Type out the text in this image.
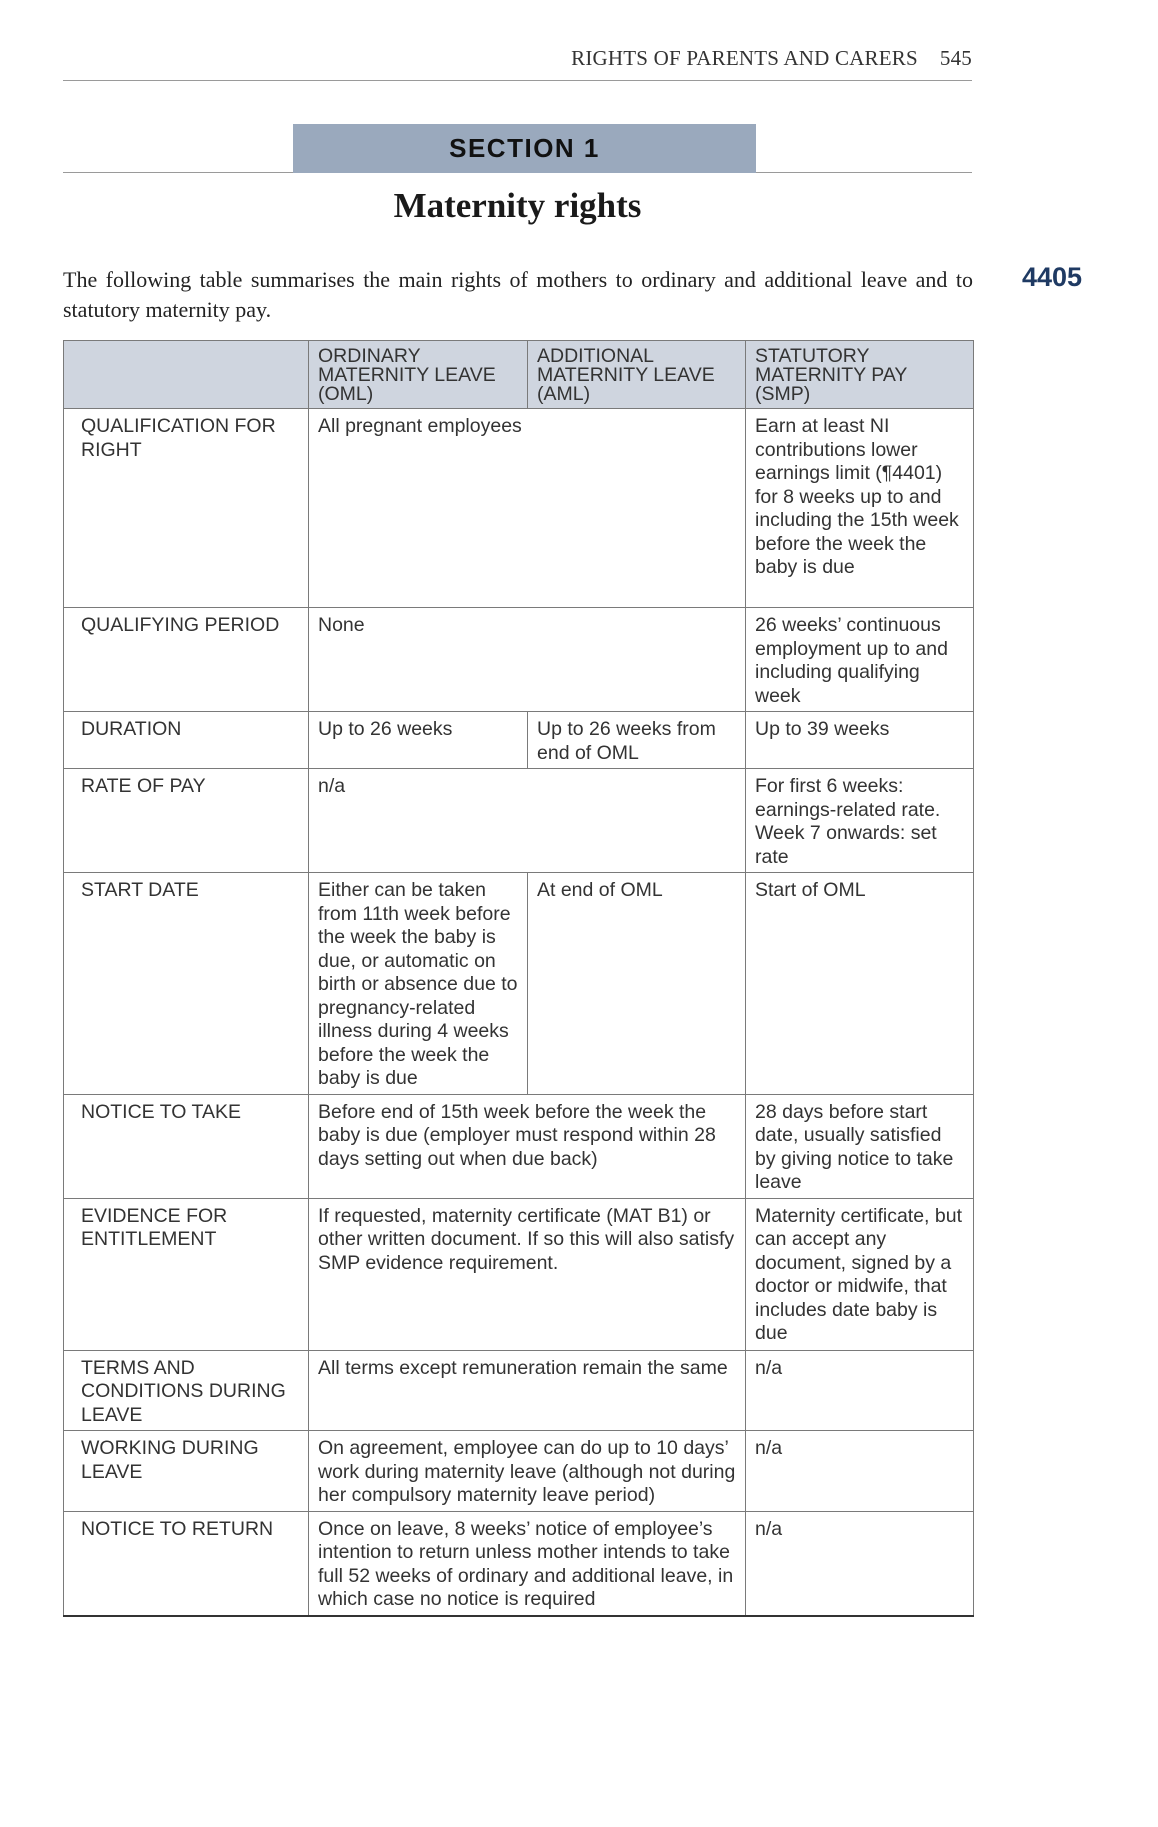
RIGHTS OF PARENTS AND CARERS 545
SECTION 1
Maternity rights
The following table summarises the main rights of mothers to ordinary and additional leave and to statutory maternity pay.
4405
	ORDINARY MATERNITY LEAVE (OML)	ADDITIONAL MATERNITY LEAVE (AML)	STATUTORY MATERNITY PAY (SMP)
QUALIFICATION FOR RIGHT	All pregnant employees		Earn at least NI contributions lower earnings limit (¶4401) for 8 weeks up to and including the 15th week before the week the baby is due
QUALIFYING PERIOD	None		26 weeks’ continuous employment up to and including qualifying week
DURATION	Up to 26 weeks	Up to 26 weeks from end of OML	Up to 39 weeks
RATE OF PAY	n/a		For first 6 weeks: earnings-related rate. Week 7 onwards: set rate
START DATE	Either can be taken from 11th week before the week the baby is due, or automatic on birth or absence due to pregnancy-related illness during 4 weeks before the week the baby is due	At end of OML	Start of OML
NOTICE TO TAKE	Before end of 15th week before the week the baby is due (employer must respond within 28 days setting out when due back)		28 days before start date, usually satisfied by giving notice to take leave
EVIDENCE FOR ENTITLEMENT	If requested, maternity certificate (MAT B1) or other written document. If so this will also satisfy SMP evidence requirement.		Maternity certificate, but can accept any document, signed by a doctor or midwife, that includes date baby is due
TERMS AND CONDITIONS DURING LEAVE	All terms except remuneration remain the same		n/a
WORKING DURING LEAVE	On agreement, employee can do up to 10 days’ work during maternity leave (although not during her compulsory maternity leave period)		n/a
NOTICE TO RETURN	Once on leave, 8 weeks’ notice of employee’s intention to return unless mother intends to take full 52 weeks of ordinary and additional leave, in which case no notice is required		n/a
